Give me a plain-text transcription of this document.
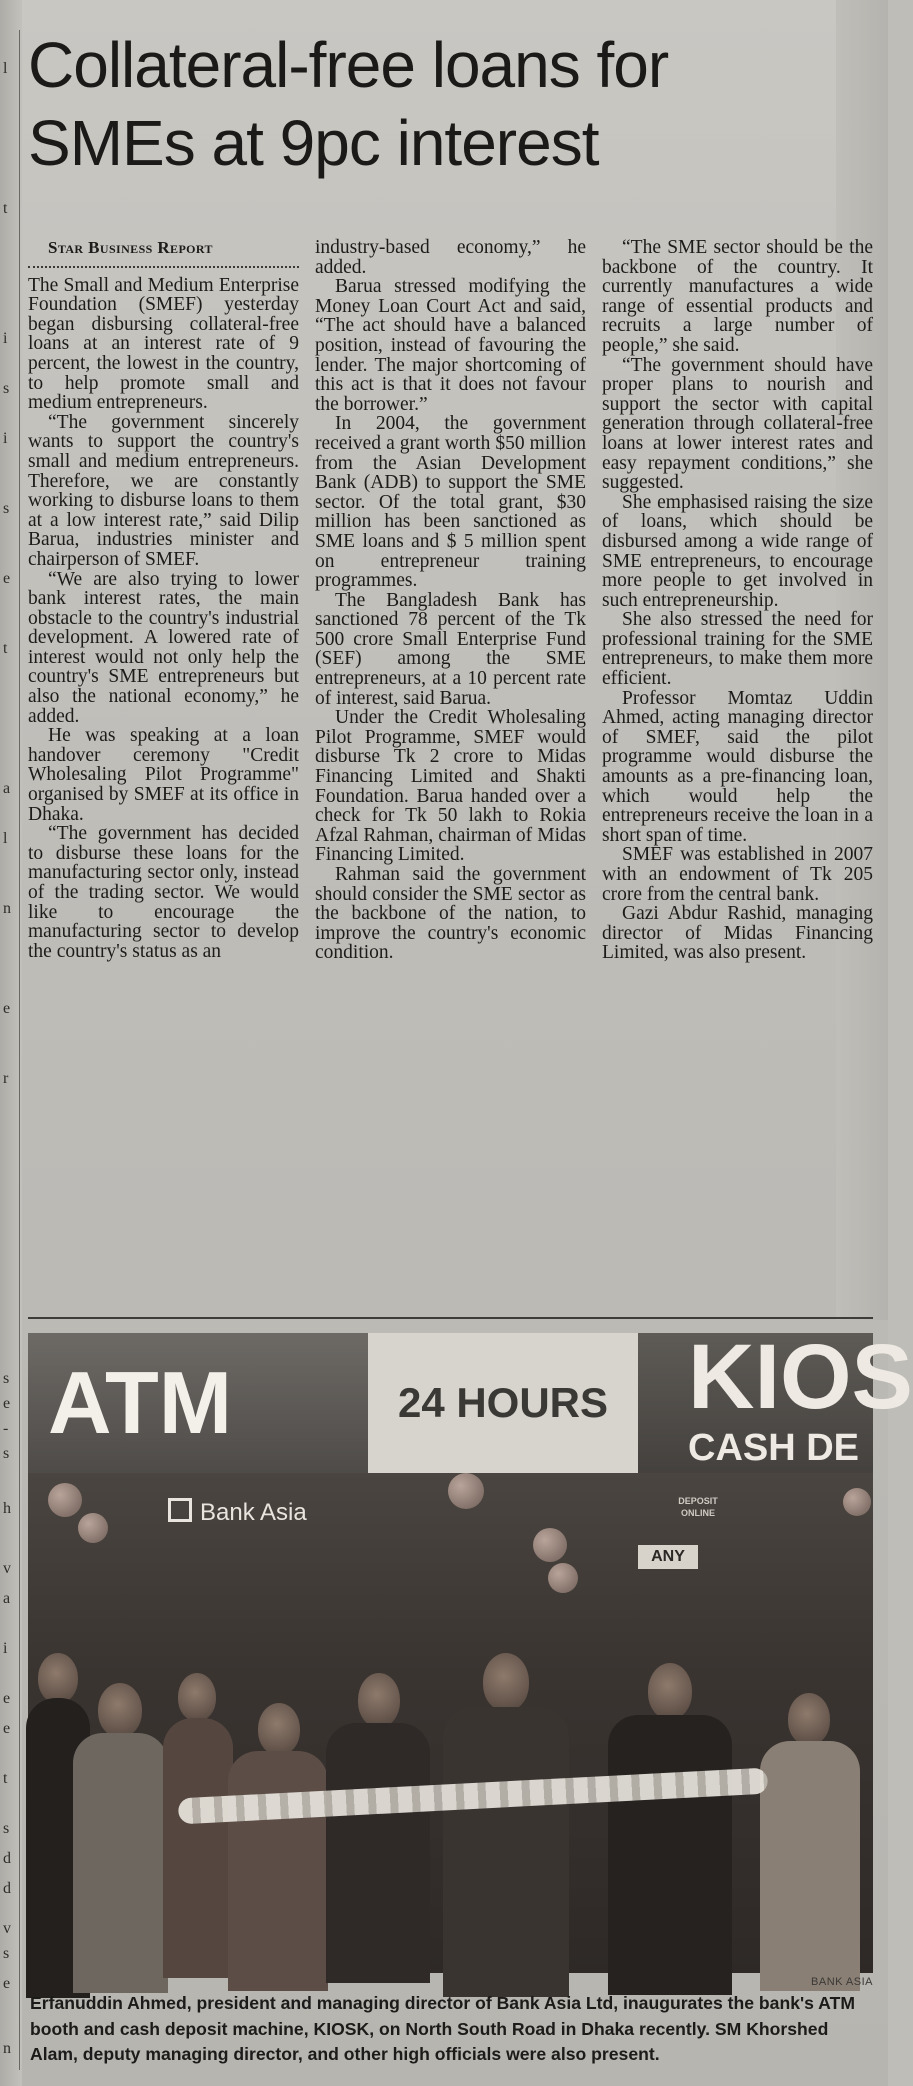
l
t
i
s
i
s
e
t
a
l
n
e
r
s
e
-
s
h
v
a
i
e
e
t
s
d
d
v
s
e
n
Collateral-free loans for SMEs at 9pc interest

Star Business Report

The Small and Medium Enterprise Foundation (SMEF) yesterday began disbursing collateral-free loans at an interest rate of 9 percent, the lowest in the country, to help promote small and medium entrepreneurs.

“The government sincerely wants to support the country's small and medium entrepreneurs. Therefore, we are constantly working to disburse loans to them at a low interest rate,” said Dilip Barua, industries minister and chairperson of SMEF.

“We are also trying to lower bank interest rates, the main obstacle to the country's industrial development. A lowered rate of interest would not only help the country's SME entrepreneurs but also the national economy,” he added.

He was speaking at a loan handover ceremony "Credit Wholesaling Pilot Programme" organised by SMEF at its office in Dhaka.

“The government has decided to disburse these loans for the manufacturing sector only, instead of the trading sector. We would like to encourage the manufacturing sector to develop the country's status as an

industry-based economy,” he added.

Barua stressed modifying the Money Loan Court Act and said, “The act should have a balanced position, instead of favouring the lender. The major shortcoming of this act is that it does not favour the borrower.”

In 2004, the government received a grant worth $50 million from the Asian Development Bank (ADB) to support the SME sector. Of the total grant, $30 million has been sanctioned as SME loans and $ 5 million spent on entrepreneur training programmes.

The Bangladesh Bank has sanctioned 78 percent of the Tk 500 crore Small Enterprise Fund (SEF) among the SME entrepreneurs, at a 10 percent rate of interest, said Barua.

Under the Credit Wholesaling Pilot Programme, SMEF would disburse Tk 2 crore to Midas Financing Limited and Shakti Foundation. Barua handed over a check for Tk 50 lakh to Rokia Afzal Rahman, chairman of Midas Financing Limited.

Rahman said the government should consider the SME sector as the backbone of the nation, to improve the country's economic condition.

“The SME sector should be the backbone of the country. It currently manufactures a wide range of essential products and recruits a large number of people,” she said.

“The government should have proper plans to nourish and support the sector with capital generation through collateral-free loans at lower interest rates and easy repayment conditions,” she suggested.

She emphasised raising the size of loans, which should be disbursed among a wide range of SME entrepreneurs, to encourage more people to get involved in such entrepreneurship.

She also stressed the need for professional training for the SME entrepreneurs, to make them more efficient.

Professor Momtaz Uddin Ahmed, acting managing director of SMEF, said the pilot programme would disburse the amounts as a pre-financing loan, which would help the entrepreneurs receive the loan in a short span of time.

SMEF was established in 2007 with an endowment of Tk 205 crore from the central bank.

Gazi Abdur Rashid, managing director of Midas Financing Limited, was also present.

ATM	24 HOURS KIOS
CASH DE
Bank Asia	DEPOSIT
ONLINE
ANY
BANK ASIA
Erfanuddin Ahmed, president and managing director of Bank Asia Ltd, inaugurates the bank's ATM booth and cash deposit machine, KIOSK, on North South Road in Dhaka recently. SM Khorshed Alam, deputy managing director, and other high officials were also present.
